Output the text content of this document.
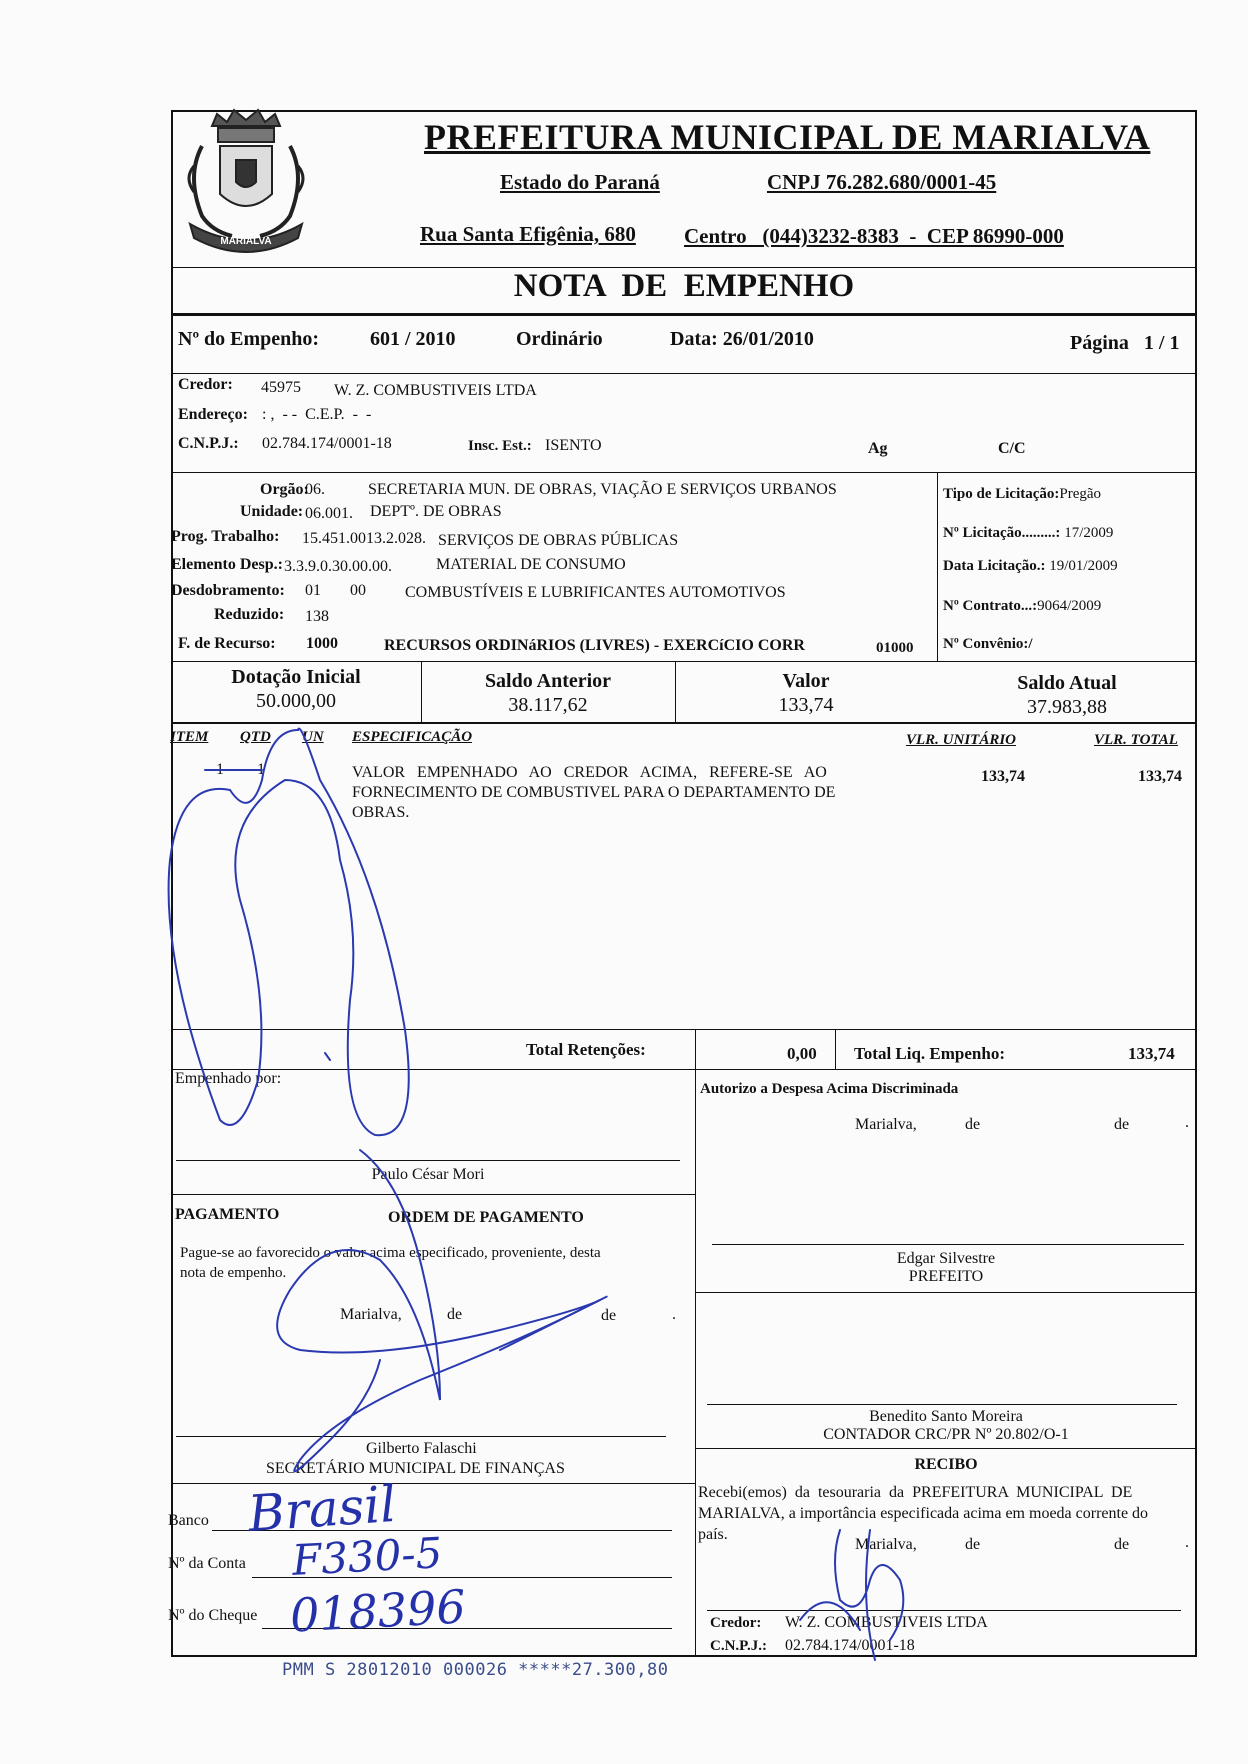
MARIALVA
PREFEITURA MUNICIPAL DE MARIALVA
Estado do Paraná	CNPJ 76.282.680/0001-45
Rua Santa Efigênia, 680 Centro   (044)3232-8383  -  CEP 86990-000
NOTA  DE  EMPENHO
Nº do Empenho:	601 / 2010	Ordinário	Data: 26/01/2010	Página   1 / 1
Credor: 45975 W. Z. COMBUSTIVEIS LTDA
Endereço: : ,  - -  C.E.P.  -  -
C.N.P.J.: 02.784.174/0001-18	Insc. Est.: ISENTO	Ag	C/C
Orgão:
06.	SECRETARIA MUN. DE OBRAS, VIAÇÃO E SERVIÇOS URBANOS
Unidade: 06.001. DEPTº. DE OBRAS
Prog. Trabalho: 15.451.0013.2.028. SERVIÇOS DE OBRAS PÚBLICAS
Elemento Desp.: 3.3.9.0.30.00.00.	MATERIAL DE CONSUMO
Desdobramento: 01 00 COMBUSTÍVEIS E LUBRIFICANTES AUTOMOTIVOS
Reduzido: 138
F. de Recurso: 1000	RECURSOS ORDINáRIOS (LIVRES) - EXERCíCIO CORR	01000
Tipo de Licitação:Pregão
Nº Licitação.........: 17/2009
Data Licitação.: 19/01/2009
Nº Contrato...:9064/2009
Nº Convênio:/
Dotação Inicial
50.000,00
Saldo Anterior
38.117,62
Valor
133,74
Saldo Atual
37.983,88
ITEM QTD UN ESPECIFICAÇÃO	VLR. UNITÁRIO	VLR. TOTAL
1 1	VALOR   EMPENHADO   AO   CREDOR   ACIMA,   REFERE-SE   AO
FORNECIMENTO DE COMBUSTIVEL PARA O DEPARTAMENTO DE
OBRAS.
133,74	133,74
Total Retenções:	0,00 Total Liq. Empenho:	133,74
Empenhado por:
Paulo César Mori
Autorizo a Despesa Acima Discriminada
Marialva,	de	de	.
PAGAMENTO	ORDEM DE PAGAMENTO
Pague-se ao favorecido o valor acima especificado, proveniente, desta
nota de empenho.
Marialva,	de	de	.
Gilberto Falaschi
SECRETÁRIO MUNICIPAL DE FINANÇAS
Banco
Nº da Conta
Nº do Cheque
Brasil
F330-5
018396
Edgar Silvestre
PREFEITO
Benedito Santo Moreira
CONTADOR CRC/PR Nº 20.802/O-1
RECIBO
Recebi(emos)  da  tesouraria  da  PREFEITURA  MUNICIPAL  DE
MARIALVA, a importância especificada acima em moeda corrente do
país.
Marialva,	de	de	.
Credor: W. Z. COMBUSTIVEIS LTDA
C.N.P.J.: 02.784.174/0001-18
PMM S 28012010 000026 *****27.300,80
